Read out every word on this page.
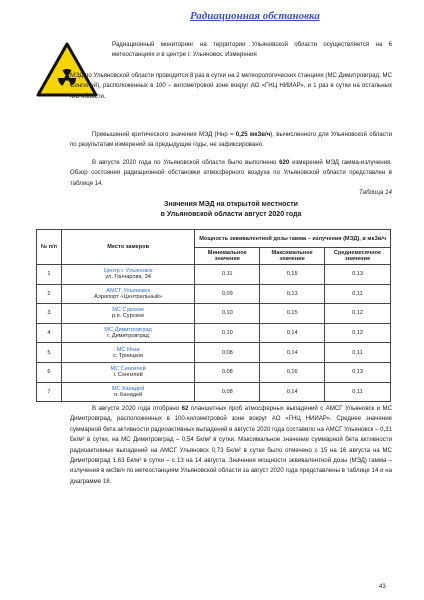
Радиационная обстановка
Радиационный мониторинг на территории Ульяновской области осуществляется на 6 метеостанциях и в центре г. Ульяновск. Измерения
МЭД по Ульяновской области проводятся 8 раз в сутки на 2 метеорологических станциях (МС Димитровград, МС Сенгилей), расположенных в 100 – километровой зоне вокруг АО «ГНЦ НИИАР», и 1 раз в сутки на остальных МС области.
Превышений критического значения МЭД (Ннр = 0,25 мкЗв/ч), вычисленного для Ульяновской области по результатам измерений за предыдущие годы, не зафиксировано.
В августе 2020 года по Ульяновской области было выполнено 620 измерений МЭД гамма-излучения. Обзор состояния радиационной обстановки атмосферного воздуха по Ульяновской области представлен в таблице 14.
Таблица 14
Значения МЭД на открытой местности
в Ульяновской области август 2020 года
№ п/п	Место замеров	Мощность эквивалентной дозы гамма – излучения (МЭД), в мкЗв/ч		
		Минимальное значение	Максимальное значение	Среднемесячное значение
1	Центр г. Ульяновск
ул. Гончарова, 34	0,11	0,15	0,13
2	АМСГ Ульяновск
Аэропорт «Центральный»	0,09	0,13	0,11
3	МС Сурское
р.п. Сурское	0,10	0,15	0,12
4	МС Димитровград
г. Димитровград	0,10	0,14	0,12
5	МС Инза
с. Троицкое	0,08	0,14	0,11
6	МС Сенгилей
г. Сенгилей	0,08	0,16	0,13
7	МС Канадей
п. Канадей	0,08	0,14	0,11
В августе 2020 года отобрано 62 планшетных проб атмосферных выпадений с АМСГ Ульяновск и МС Димитровград, расположенных в 100-километровой зоне вокруг АО «ГНЦ НИИАР». Среднее значение суммарной бета активности радиоактивных выпадений в августе 2020 года составило на АМСГ Ульяновск – 0,31 Бк/м² в сутки, на МС Димитровград – 0,54 Бк/м² в сутки. Максимальное значение суммарной бета активности радиоактивных выпадений на АМСГ Ульяновск 0,73 Бк/м² в сутки было отмечено с 15 на 16 августа на МС Димитровград 1,63 Бк/м² в сутки – с 13 на 14 августа. Значения мощности эквивалентной дозы (МЭД) гамма – излучения в мкЗв/ч по метеостанциям Ульяновской области за август 2020 года представлены в таблице 14 и на диаграмме 18.
43
